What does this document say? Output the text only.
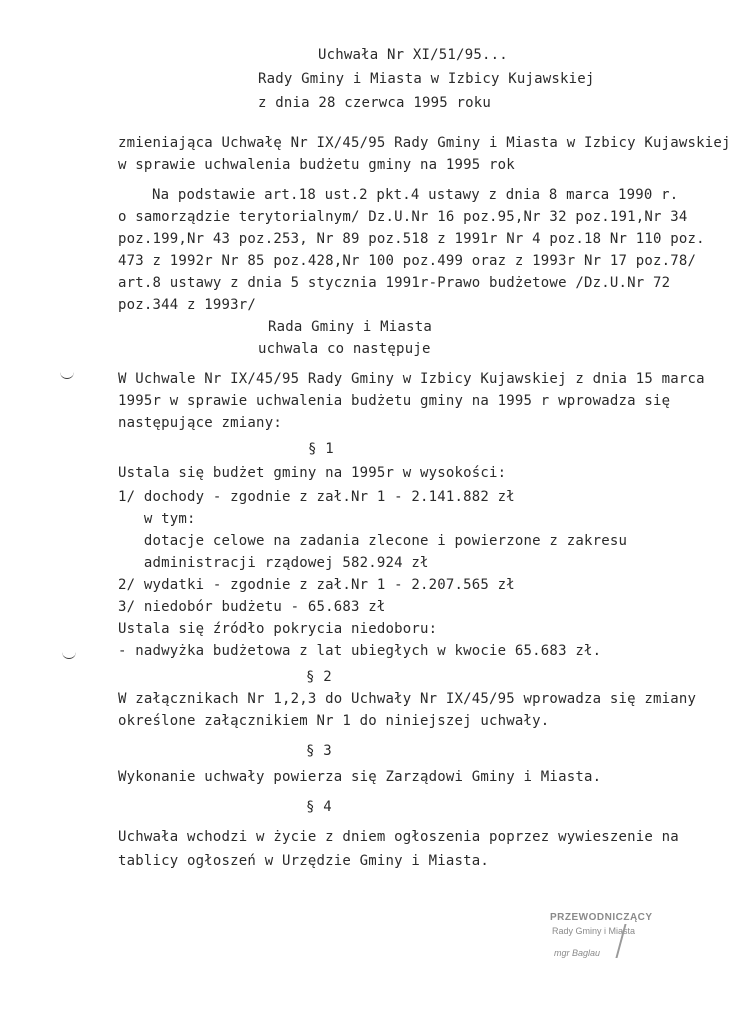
Uchwała Nr XI/51/95...
Rady Gminy i Miasta w Izbicy Kujawskiej
z dnia 28 czerwca 1995 roku
zmieniająca Uchwałę Nr IX/45/95 Rady Gminy i Miasta w Izbicy Kujawskiej
w sprawie uchwalenia budżetu gminy na 1995 rok
Na podstawie art.18 ust.2 pkt.4 ustawy z dnia 8 marca 1990 r.
o samorządzie terytorialnym/ Dz.U.Nr 16 poz.95,Nr 32 poz.191,Nr 34
poz.199,Nr 43 poz.253, Nr 89 poz.518 z 1991r Nr 4 poz.18 Nr 110 poz.
473 z 1992r Nr 85 poz.428,Nr 100 poz.499 oraz z 1993r Nr 17 poz.78/
art.8 ustawy z dnia 5 stycznia 1991r-Prawo budżetowe /Dz.U.Nr 72
poz.344 z 1993r/
Rada Gminy i Miasta
uchwala co następuje
W Uchwale Nr IX/45/95 Rady Gminy w Izbicy Kujawskiej z dnia 15 marca
1995r w sprawie uchwalenia budżetu gminy na 1995 r wprowadza się
następujące zmiany:
§ 1
Ustala się budżet gminy na 1995r w wysokości:
1/ dochody - zgodnie z zał.Nr 1 - 2.141.882 zł
w tym:
dotacje celowe na zadania zlecone i powierzone z zakresu
administracji rządowej 582.924 zł
2/ wydatki - zgodnie z zał.Nr 1 - 2.207.565 zł
3/ niedobór budżetu - 65.683 zł
Ustala się źródło pokrycia niedoboru:
- nadwyżka budżetowa z lat ubiegłych w kwocie 65.683 zł.
§ 2
W załącznikach Nr 1,2,3 do Uchwały Nr IX/45/95 wprowadza się zmiany
określone załącznikiem Nr 1 do niniejszej uchwały.
§ 3
Wykonanie uchwały powierza się Zarządowi Gminy i Miasta.
§ 4
Uchwała wchodzi w życie z dniem ogłoszenia poprzez wywieszenie na
tablicy ogłoszeń w Urzędzie Gminy i Miasta.
PRZEWODNICZĄCY
Rady Gminy i Miasta
mgr Baglau
